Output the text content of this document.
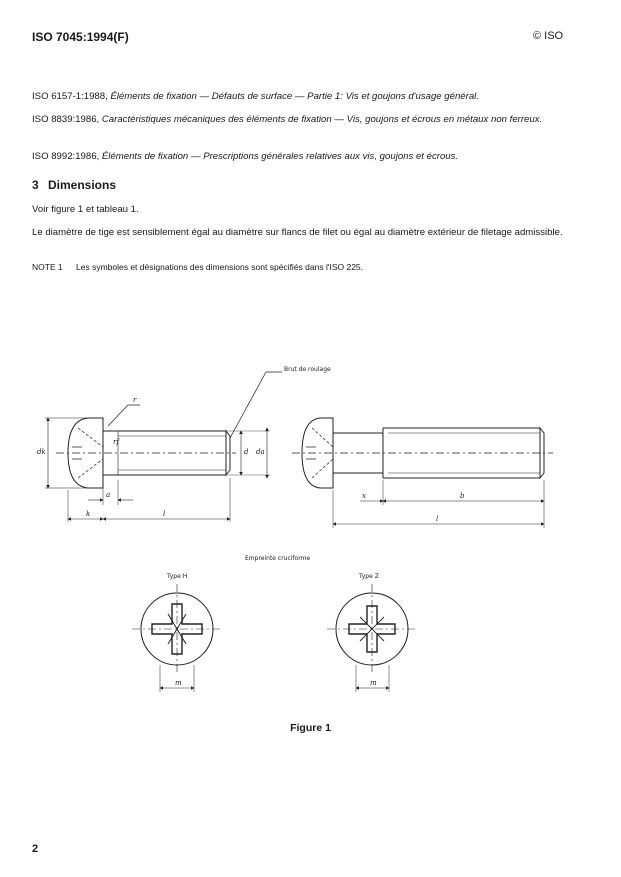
ISO 7045:1994(F)	© ISO
ISO 6157-1:1988, Éléments de fixation — Défauts de surface — Partie 1: Vis et goujons d'usage général.
ISO 8839:1986, Caractéristiques mécaniques des éléments de fixation — Vis, goujons et écrous en métaux non ferreux.
ISO 8992:1986, Éléments de fixation — Prescriptions générales relatives aux vis, goujons et écrous.
3 Dimensions
Voir figure 1 et tableau 1.
Le diamètre de tige est sensiblement égal au diamètre sur flancs de filet ou égal au diamètre extérieur de filetage admissible.
NOTE 1 Les symboles et désignations des dimensions sont spécifiés dans l'ISO 225.
Brut de roulage
r
rf
dk	d da
a
k	l
x	b
l
Empreinte cruciforme
Type H	Type Z
m	m
Figure 1
2
